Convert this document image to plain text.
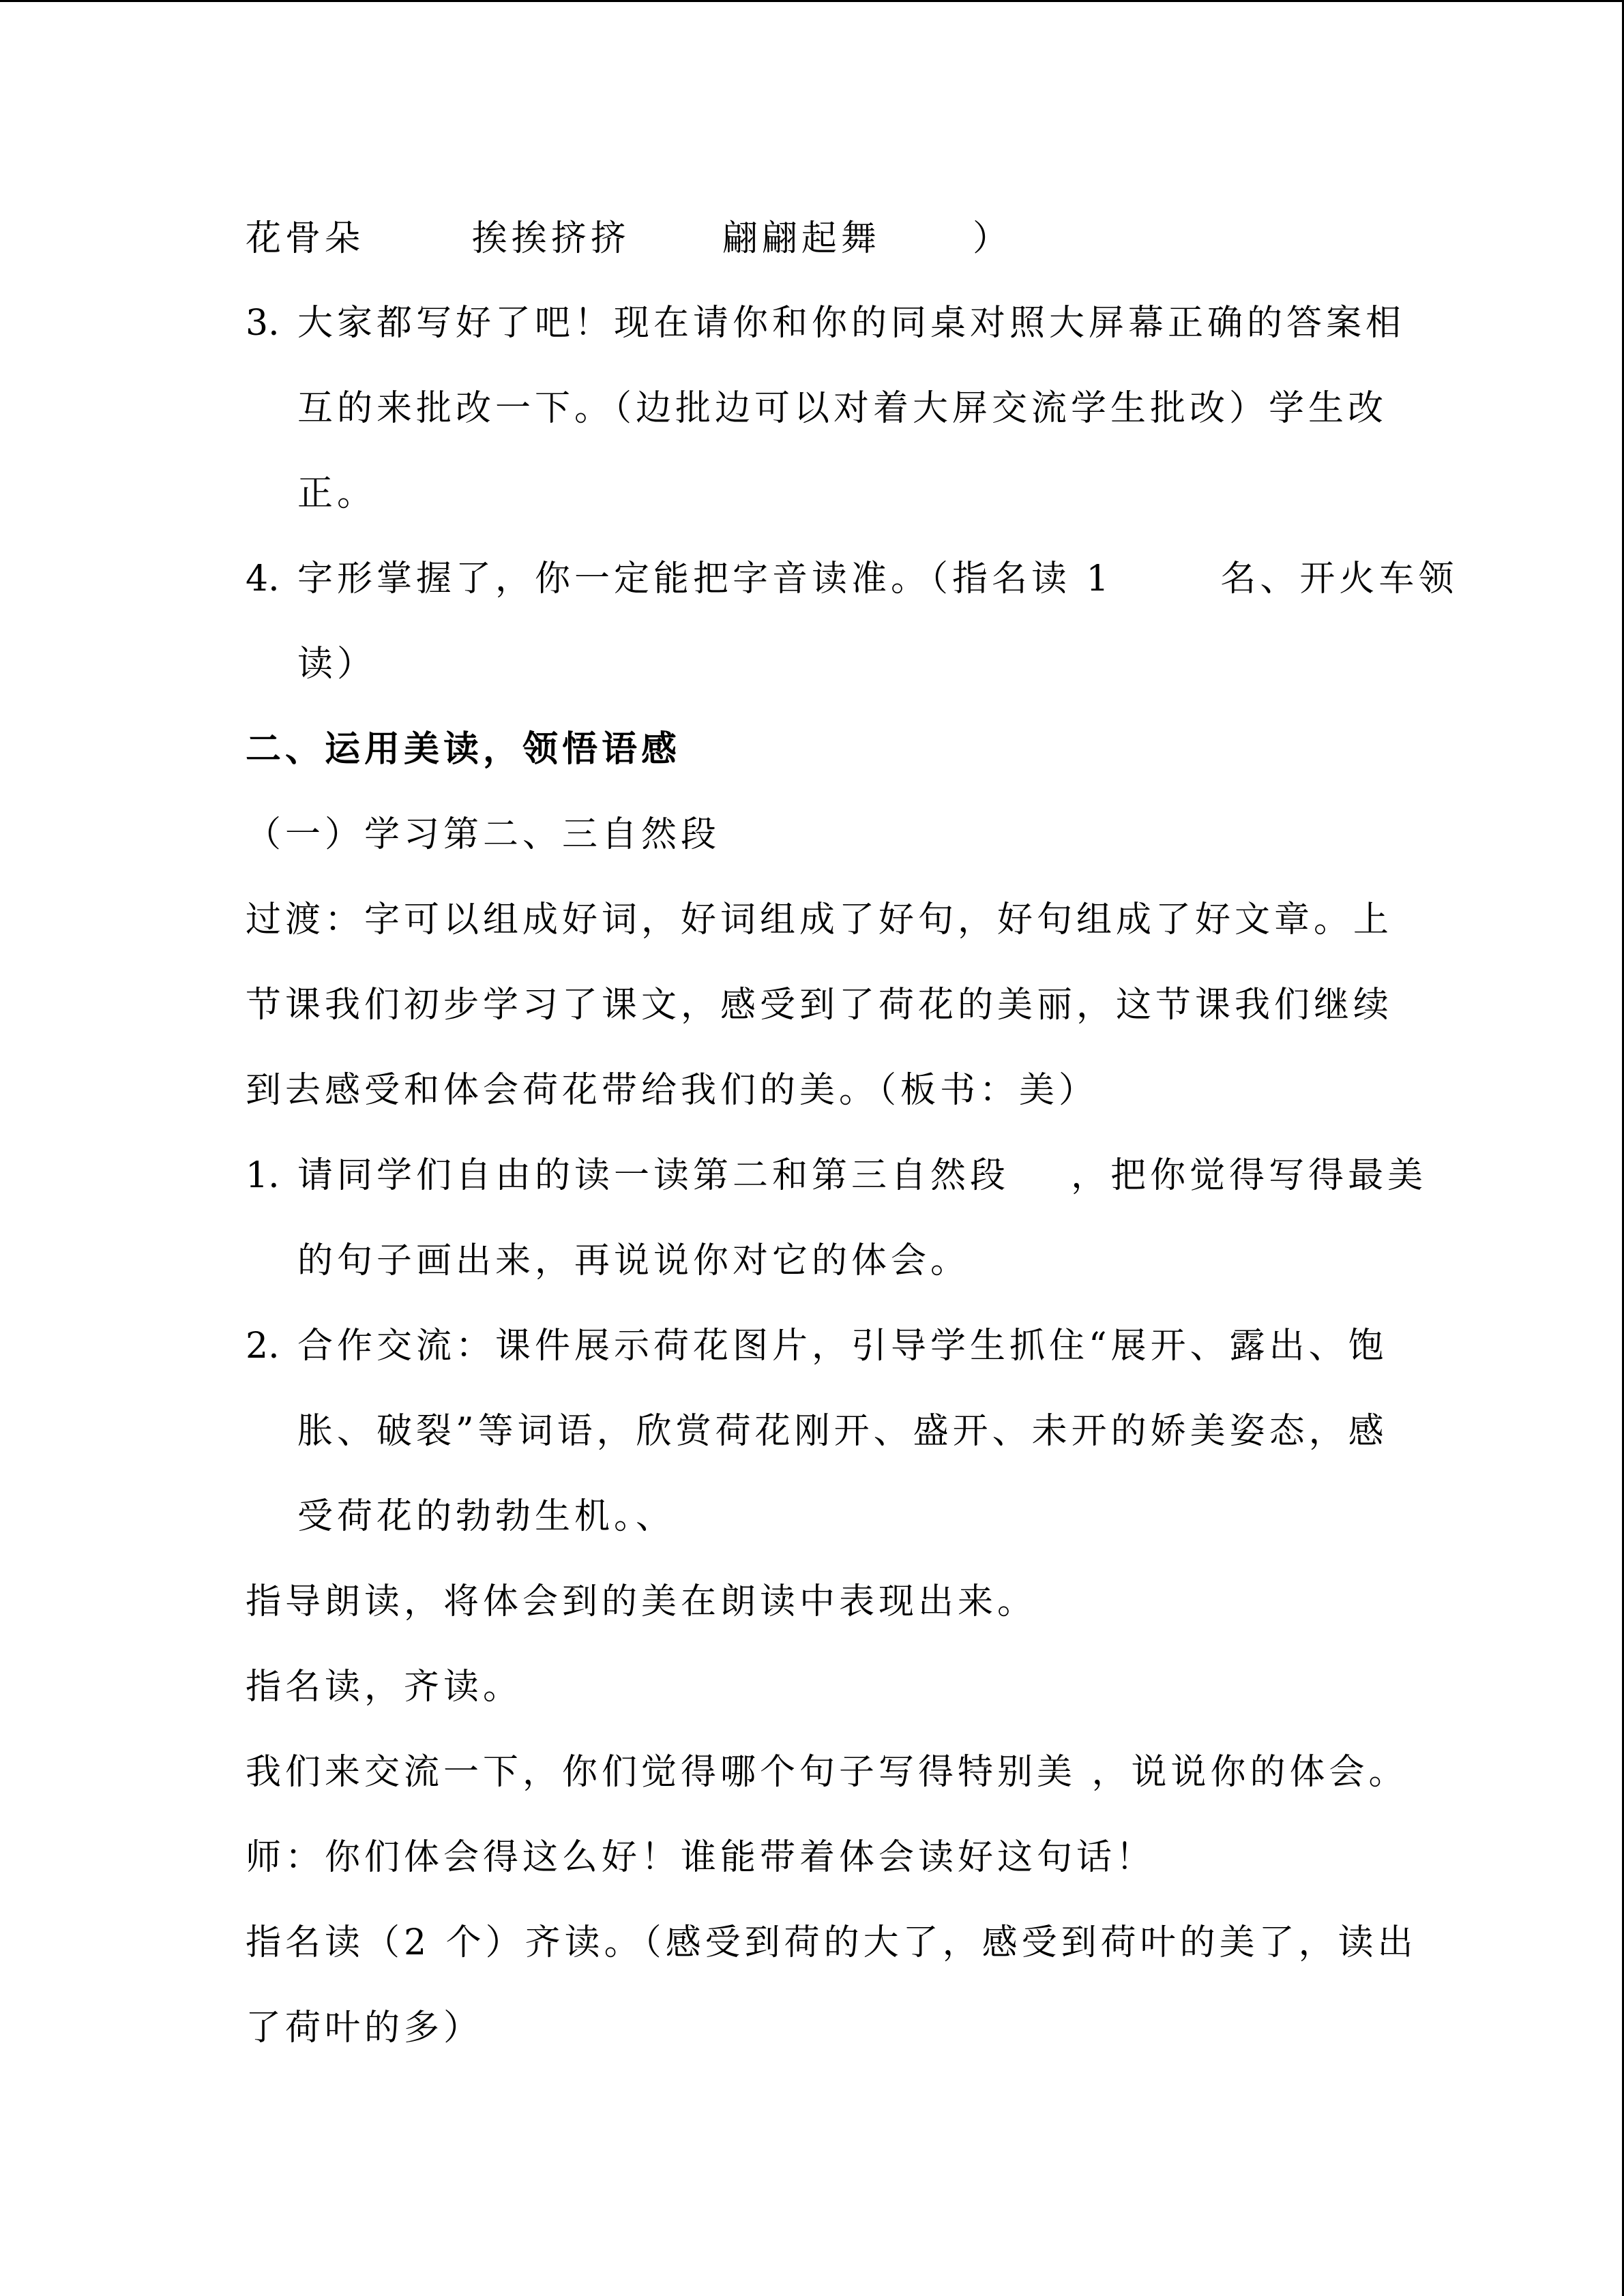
花骨朵       挨挨挤挤      翩翩起舞      ）
3. 大家都写好了吧！现在请你和你的同桌对照大屏幕正确的答案相
互的来批改一下。（边批边可以对着大屏交流学生批改）学生改
正。
4. 字形掌握了，你一定能把字音读准。（指名读 1       名、开火车领
读）
二、运用美读，领悟语感
（一）学习第二、三自然段
过渡：字可以组成好词，好词组成了好句，好句组成了好文章。上
节课我们初步学习了课文，感受到了荷花的美丽，这节课我们继续
到去感受和体会荷花带给我们的美。（板书：美）
1. 请同学们自由的读一读第二和第三自然段    ，把你觉得写得最美
的句子画出来，再说说你对它的体会。
2. 合作交流：课件展示荷花图片，引导学生抓住“展开、露出、饱
胀、破裂”等词语，欣赏荷花刚开、盛开、未开的娇美姿态，感
受荷花的勃勃生机。、
指导朗读，将体会到的美在朗读中表现出来。
指名读，齐读。
我们来交流一下，你们觉得哪个句子写得特别美 ，说说你的体会。
师：你们体会得这么好！谁能带着体会读好这句话！
指名读（2 个）齐读。（感受到荷的大了，感受到荷叶的美了，读出
了荷叶的多）
